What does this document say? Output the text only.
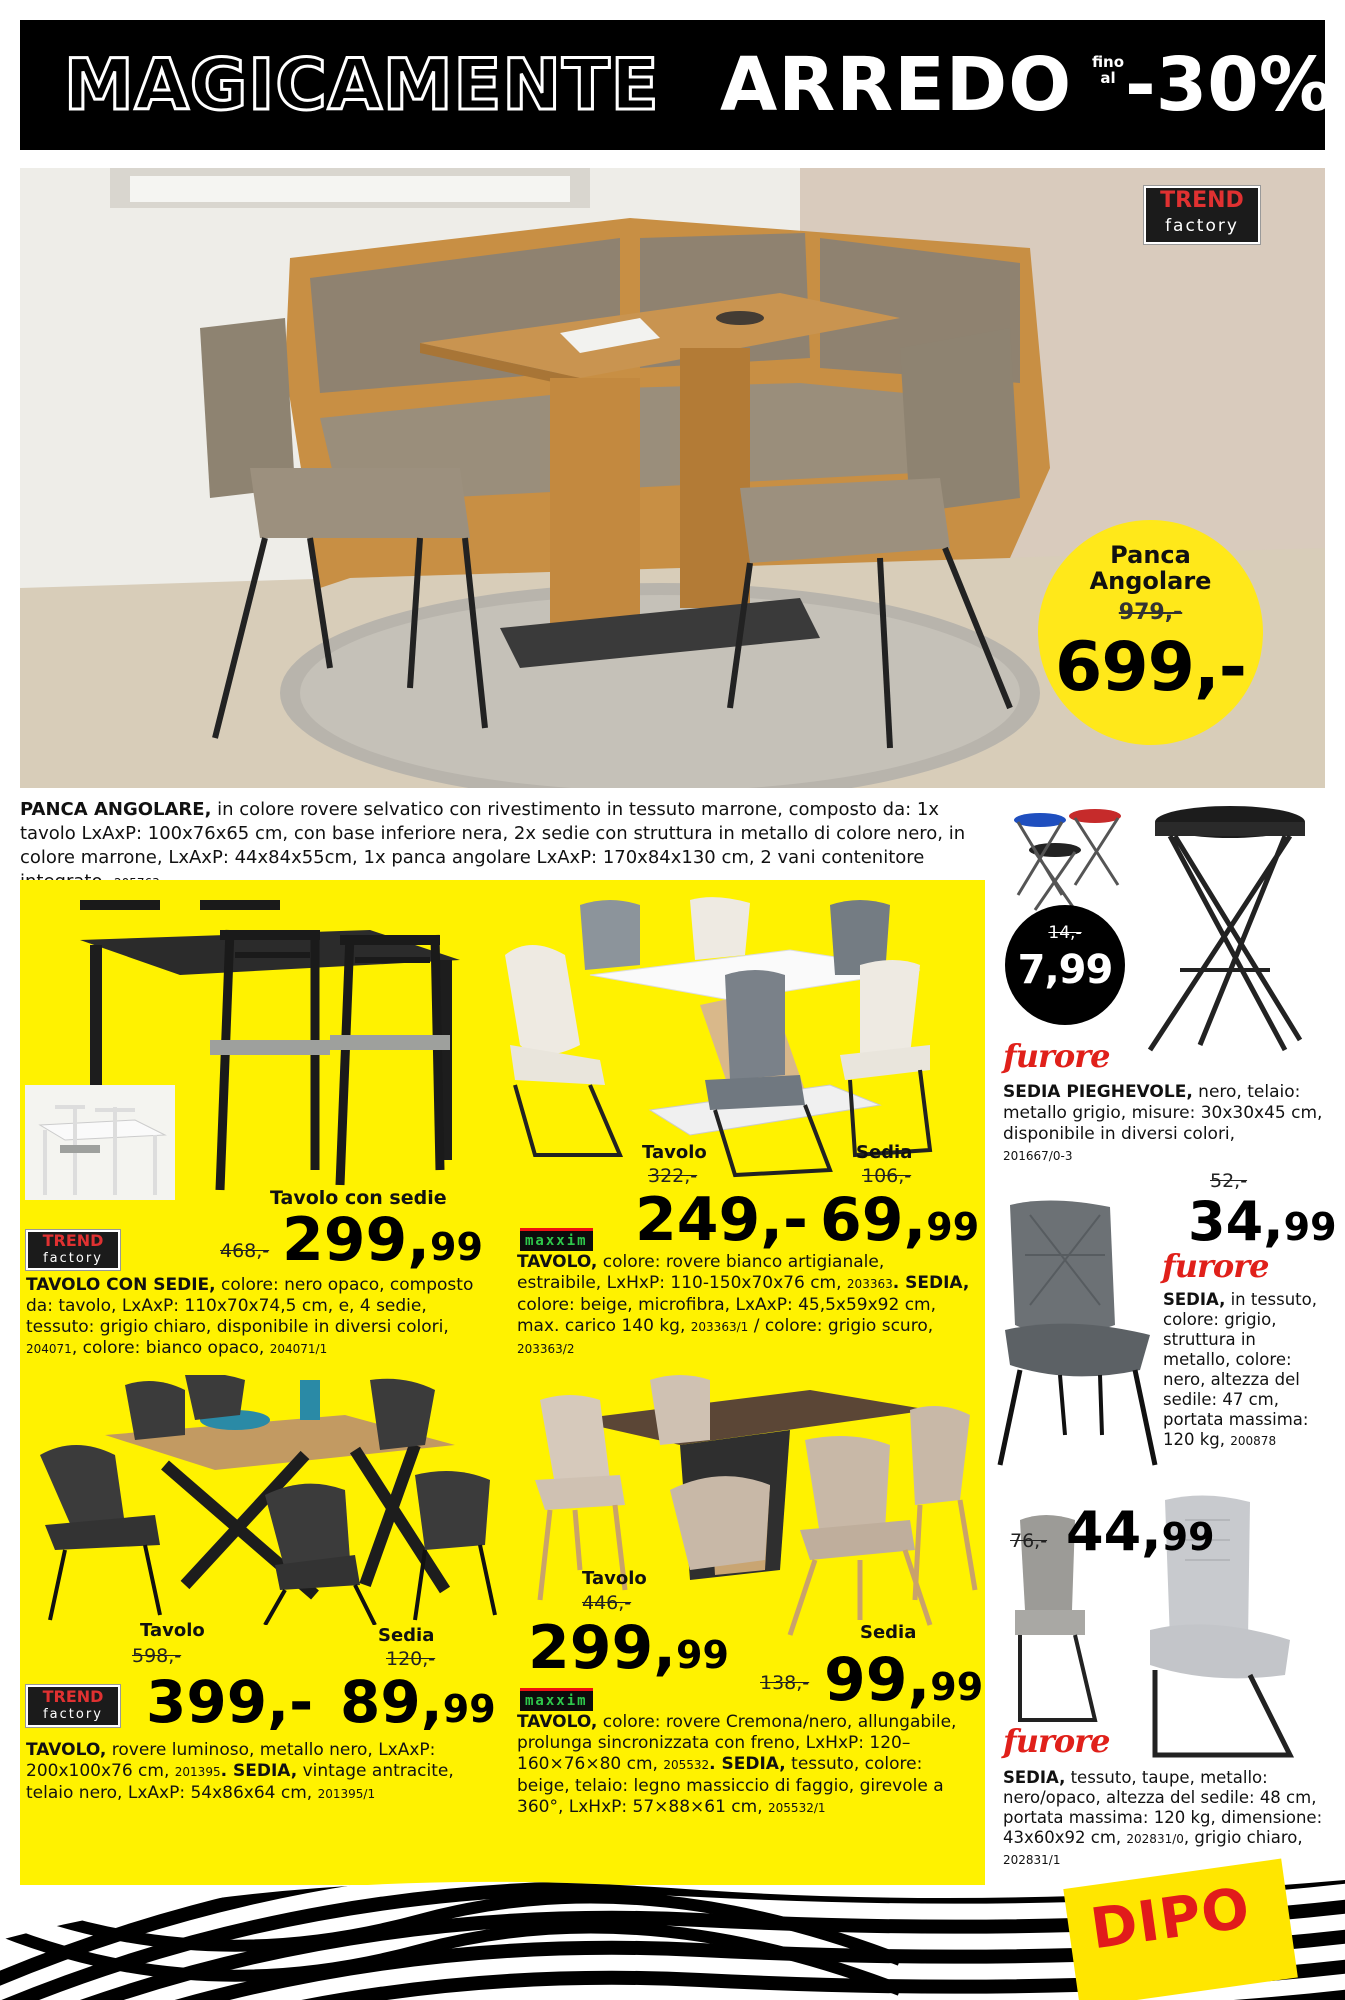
MAGICAMENTE ARREDO fino al -30%
TREND
factory
Panca
Angolare
979,-
699,-
PANCA ANGOLARE, in colore rovere selvatico con rivestimento in tessuto marrone, composto da: 1x tavolo LxAxP: 100x76x65 cm, con base inferiore nera, 2x sedie con struttura in metallo di colore nero, in colore marrone, LxAxP: 44x84x55cm, 1x panca angolare LxAxP: 170x84x130 cm, 2 vani contenitore
14,-
7,99
furore
SEDIA PIEGHEVOLE, nero, telaio: metallo grigio, misure: 30x30x45 cm, disponibile in diversi colori,
201667/0-3
52,-
34,99
furore
SEDIA, in tessuto, colore: grigio, struttura in metallo, colore: nero, altezza del sedile: 47 cm, portata massima: 120 kg, 200878
76,- 44,99
furore
TREND
factory
Tavolo con sedie
468,- 299,99
TAVOLO CON SEDIE, colore: nero opaco, composto da: tavolo, LxAxP: 110x70x74,5 cm, e, 4 sedie, tessuto: grigio chiaro, disponibile in diversi colori, 204071, colore: bianco opaco, 204071/1
Tavolo
322,-
249,-
maxxim
Sedia
106,-
69,99
TAVOLO, colore: rovere bianco artigianale, estraibile, LxHxP: 110-150x70x76 cm, 203363. SEDIA, colore: beige, microfibra, LxAxP: 45,5x59x92 cm, max. carico 140 kg, 203363/1 / colore: grigio scuro, 203363/2
Tavolo
598,-
399,-
Sedia
120,-
89,99
TREND
factory
TAVOLO, rovere luminoso, metallo nero, LxAxP: 200x100x76 cm, 201395. SEDIA, vintage antracite, telaio nero, LxAxP: 54x86x64 cm, 201395/1
Tavolo
446,-
299,99
maxxim
Sedia
138,- 99,99
TAVOLO, colore: rovere Cremona/nero, allungabile, prolunga sincronizzata con freno, LxHxP: 120–160×76×80 cm, 205532. SEDIA, tessuto, colore: beige, telaio: legno massiccio di faggio, girevole a 360°, LxHxP: 57×88×61 cm, 205532/1
SEDIA, tessuto, taupe, metallo: nero/opaco, altezza del sedile: 48 cm, portata massima: 120 kg, dimensione: 43x60x92 cm, 202831/0, grigio chiaro, 202831/1
DIPO
